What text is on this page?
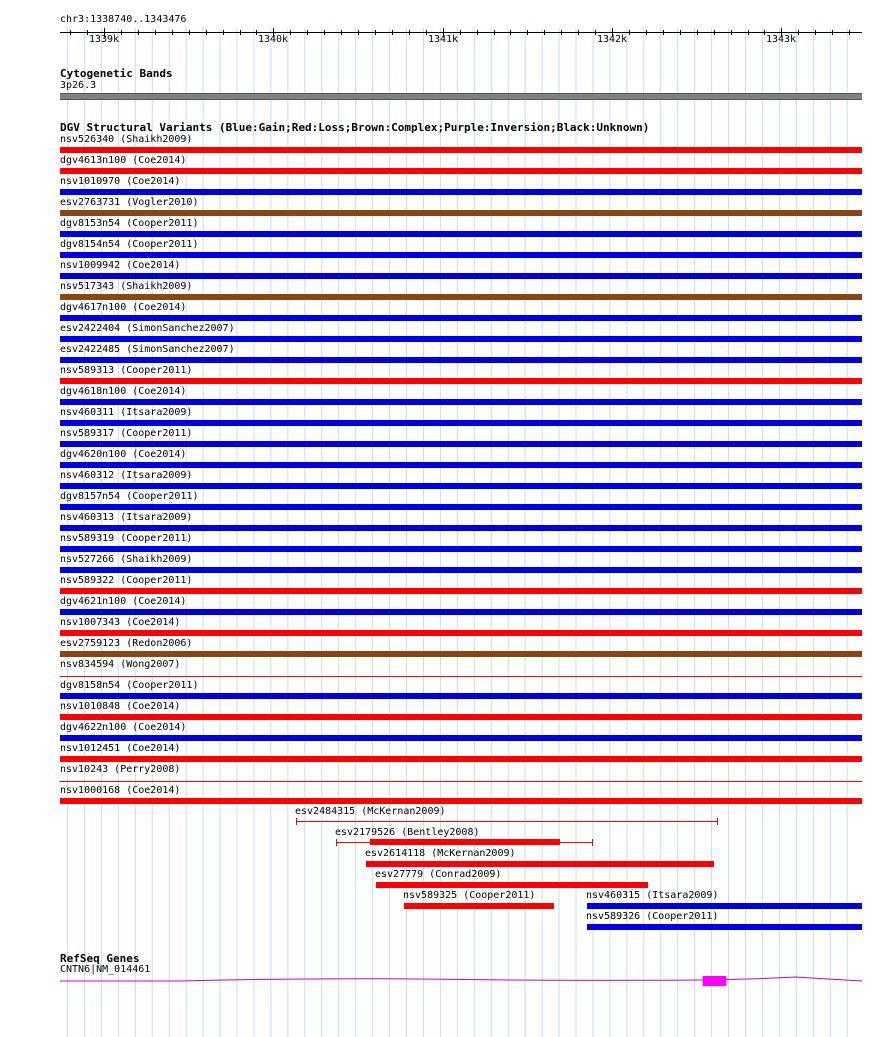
chr3:1338740..1343476
1339k	1340k	1341k	1342k	1343k
Cytogenetic Bands
3p26.3
DGV Structural Variants (Blue:Gain;Red:Loss;Brown:Complex;Purple:Inversion;Black:Unknown)
nsv526340 (Shaikh2009)
dgv4613n100 (Coe2014)
nsv1010970 (Coe2014)
esv2763731 (Vogler2010)
dgv8153n54 (Cooper2011)
dgv8154n54 (Cooper2011)
nsv1009942 (Coe2014)
nsv517343 (Shaikh2009)
dgv4617n100 (Coe2014)
esv2422404 (SimonSanchez2007)
esv2422485 (SimonSanchez2007)
nsv589313 (Cooper2011)
dgv4618n100 (Coe2014)
nsv460311 (Itsara2009)
nsv589317 (Cooper2011)
dgv4620n100 (Coe2014)
nsv460312 (Itsara2009)
dgv8157n54 (Cooper2011)
nsv460313 (Itsara2009)
nsv589319 (Cooper2011)
nsv527266 (Shaikh2009)
nsv589322 (Cooper2011)
dgv4621n100 (Coe2014)
nsv1007343 (Coe2014)
esv2759123 (Redon2006)
nsv834594 (Wong2007)
dgv8158n54 (Cooper2011)
nsv1010848 (Coe2014)
dgv4622n100 (Coe2014)
nsv1012451 (Coe2014)
nsv10243 (Perry2008)
nsv1000168 (Coe2014)
esv2484315 (McKernan2009)
esv2179526 (Bentley2008)
esv2614118 (McKernan2009)
esv27779 (Conrad2009)
nsv589325 (Cooper2011)	nsv460315 (Itsara2009)
nsv589326 (Cooper2011)
RefSeq Genes
CNTN6|NM_014461
